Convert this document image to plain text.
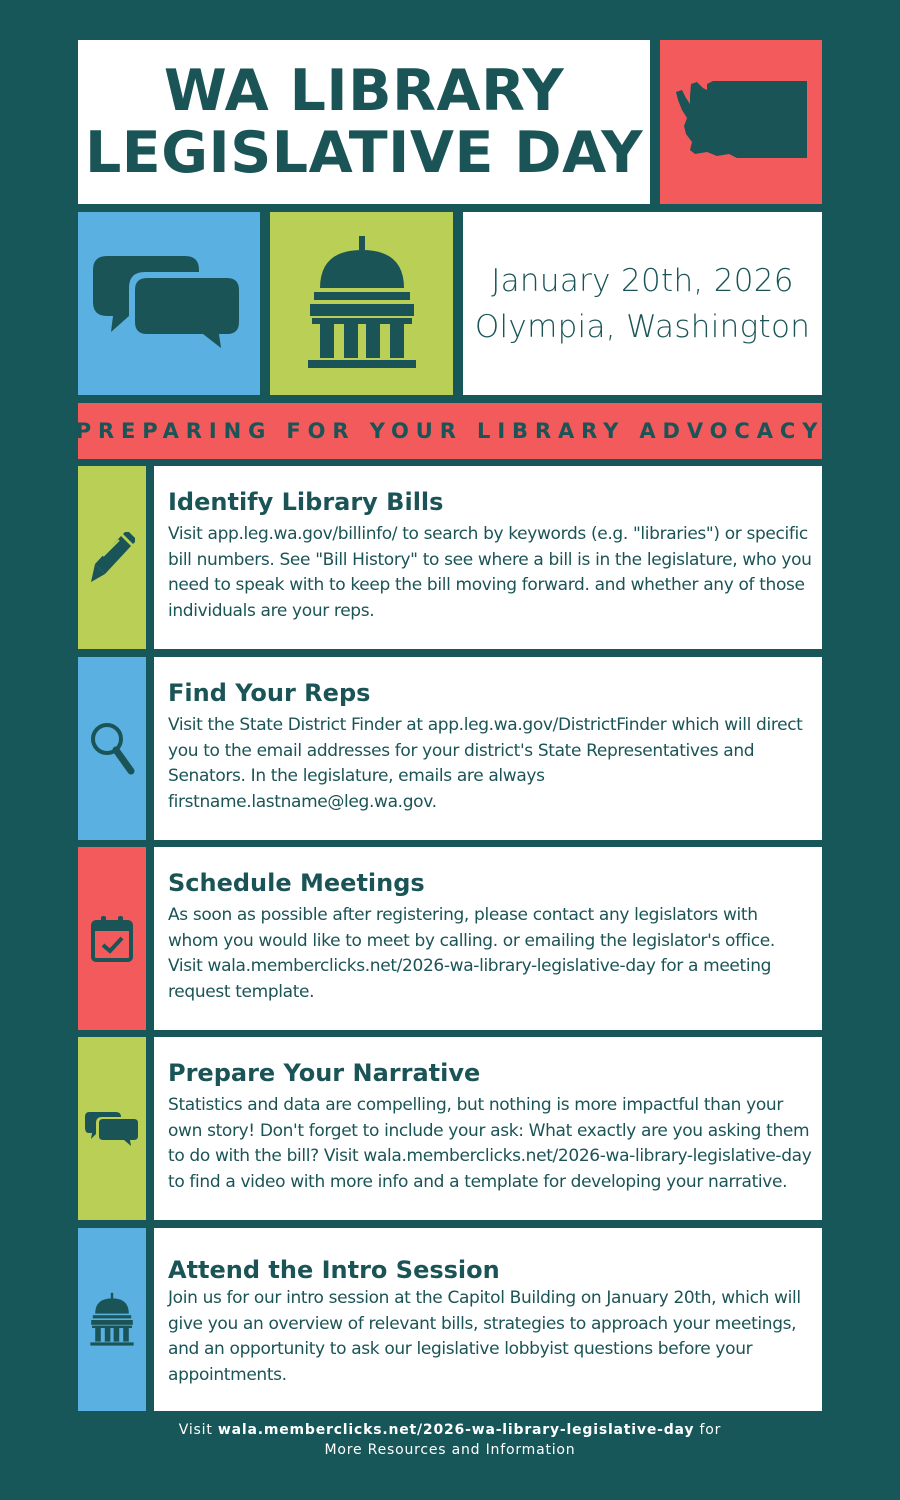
WA LIBRARY
LEGISLATIVE DAY
January 20th, 2026
Olympia, Washington
PREPARING FOR YOUR LIBRARY ADVOCACY
Identify Library Bills

Visit app.leg.wa.gov/billinfo/ to search by keywords (e.g. "libraries") or specific bill numbers. See "Bill History" to see where a bill is in the legislature, who you need to speak with to keep the bill moving forward. and whether any of those individuals are your reps.

Find Your Reps

Visit the State District Finder at app.leg.wa.gov/DistrictFinder which will direct you to the email addresses for your district's State Representatives and Senators. In the legislature, emails are always firstname.lastname@leg.wa.gov.

Schedule Meetings

As soon as possible after registering, please contact any legislators with whom you would like to meet by calling. or emailing the legislator's office. Visit wala.memberclicks.net/2026-wa-library-legislative-day for a meeting request template.

Prepare Your Narrative

Statistics and data are compelling, but nothing is more impactful than your own story! Don't forget to include your ask: What exactly are you asking them to do with the bill? Visit wala.memberclicks.net/2026-wa-library-legislative-day to find a video with more info and a template for developing your narrative.

Attend the Intro Session

Join us for our intro session at the Capitol Building on January 20th, which will give you an overview of relevant bills, strategies to approach your meetings, and an opportunity to ask our legislative lobbyist questions before your appointments.

Visit wala.memberclicks.net/2026-wa-library-legislative-day for
More Resources and Information
